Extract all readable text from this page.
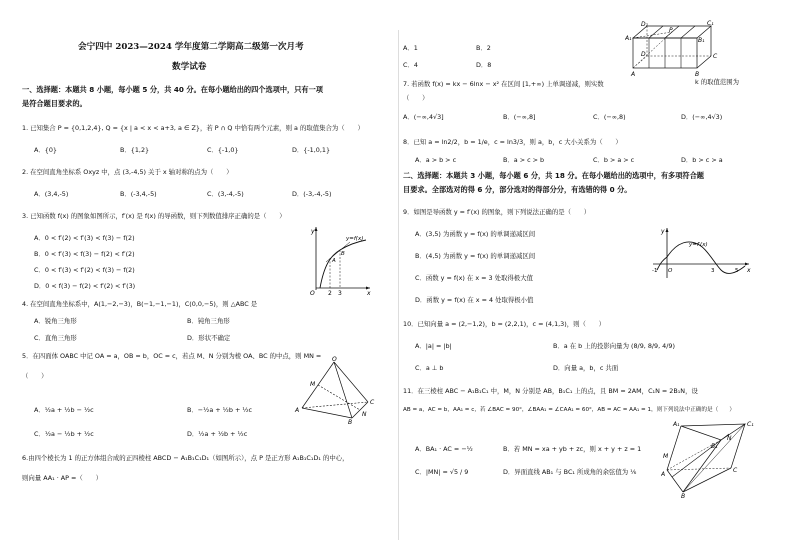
会宁四中 2023—2024 学年度第二学期高二级第一次月考
数学试卷
一、选择题：本题共 8 小题，每小题 5 分，共 40 分。在每小题给出的四个选项中，只有一项
是符合题目要求的。
1. 已知集合 P = {0,1,2,4}, Q = {x | a < x < a+3, a ∈ Z}，若 P ∩ Q 中恰有两个元素，则 a 的取值集合为（　　）
A．{0}	B．{1,2}	C．{-1,0}	D．{-1,0,1}
2. 在空间直角坐标系 Oxyz 中，点 (3,-4,5) 关于 x 轴对称的点为（　　）
A．(3,4,-5)	B．(-3,4,-5)	C．(3,-4,-5)	D．(-3,-4,-5)
3. 已知函数 f(x) 的图象如图所示，f′(x) 是 f(x) 的导函数，则下列数值排序正确的是（　　）
A．0 < f′(2) < f′(3) < f(3) − f(2)
B．0 < f′(3) < f(3) − f(2) < f′(2)
C．0 < f′(3) < f′(2) < f(3) − f(2)
D．0 < f(3) − f(2) < f′(2) < f′(3)
y
x
O 2 3
y=f(x)
A
B
4. 在空间直角坐标系中，A(1,−2,−3)，B(−1,−1,−1)，C(0,0,−5)，则 △ABC 是
A．锐角三角形	B．钝角三角形
C．直角三角形	D．形状不确定
5．在四面体 OABC 中记 OA = a，OB = b，OC = c，若点 M、N 分别为棱 OA、BC 的中点，则 MN =
（　　）
A．½a + ½b − ½c	B．−½a + ½b + ½c
C．½a − ½b + ½c	D．½a + ½b + ½c
O
M
A
B
C
N
6.由四个棱长为 1 的正方体组合成的正四棱柱 ABCD − A₁B₁C₁D₁（如图所示），点 P 是正方形 A₁B₁C₁D₁ 的中心，
则向量 AA₁ · AP =（　　）
A．1	B．2
C．4	D．8
D₁	C₁
A₁	B₁
P
D	C
A	B
7. 若函数 f(x) = kx − 6lnx − x² 在区间 [1,+∞) 上单调递减，则实数	k 的取值范围为
（　　）
A．(−∞,4√3]	B．(−∞,8]	C．(−∞,8)	D．(−∞,4√3)
8．已知 a = ln2/2，b = 1/e，c = ln3/3，则 a，b，c 大小关系为（　　）
A．a > b > c	B．a > c > b	C．b > a > c	D．b > c > a
二、选择题：本题共 3 小题，每小题 6 分，共 18 分。在每小题给出的选项中，有多项符合题
目要求。全部选对的得 6 分，部分选对的得部分分，有选错的得 0 分。
9．如图是导函数 y = f′(x) 的图象，则下列说法正确的是（　　）
A．(3,5) 为函数 y = f(x) 的单调递减区间
B．(4,5) 为函数 y = f(x) 的单调递减区间
C．函数 y = f(x) 在 x = 3 处取得极大值
D．函数 y = f(x) 在 x = 4 处取得极小值
y
x
y=f′(x)
-1 O	3	5
10．已知向量 a = (2,−1,2)，b = (2,2,1)，c = (4,1,3)，则（　　）
A．|a| = |b|	B．a 在 b 上的投影向量为 (8/9, 8/9, 4/9)
C．a ⊥ b	D．向量 a，b，c 共面
11．在三棱柱 ABC − A₁B₁C₁ 中，M，N 分别是 AB，B₁C₁ 上的点，且 BM = 2AM，C₁N = 2B₁N，设
AB = a，AC = b，AA₁ = c，若 ∠BAC = 90°，∠BAA₁ = ∠CAA₁ = 60°，AB = AC = AA₁ = 1，则下列说法中正确的是（　　）
A．BA₁ · AC = −½	B．若 MN = xa + yb + zc，则 x + y + z = 1
C．|MN| = √5 / 9	D．异面直线 AB₁ 与 BC₁ 所成角的余弦值为 ⅙
A₁	C₁
B₁
N
M
A
C
B
